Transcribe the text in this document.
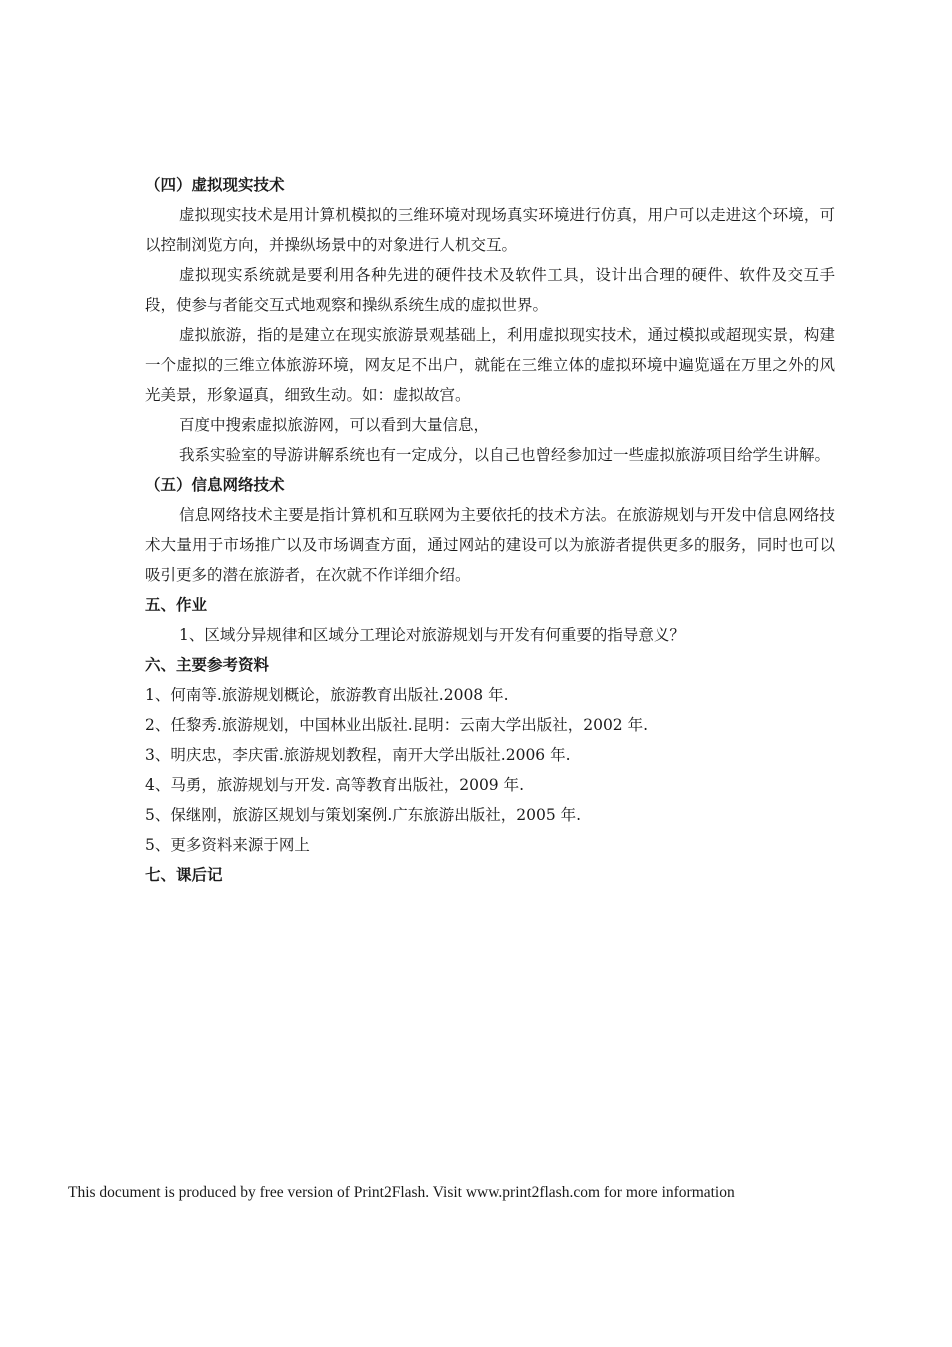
（四）虚拟现实技术

虚拟现实技术是用计算机模拟的三维环境对现场真实环境进行仿真，用户可以走进这个环境，可以控制浏览方向，并操纵场景中的对象进行人机交互。

虚拟现实系统就是要利用各种先进的硬件技术及软件工具，设计出合理的硬件、软件及交互手段，使参与者能交互式地观察和操纵系统生成的虚拟世界。

虚拟旅游，指的是建立在现实旅游景观基础上，利用虚拟现实技术，通过模拟或超现实景，构建一个虚拟的三维立体旅游环境，网友足不出户，就能在三维立体的虚拟环境中遍览遥在万里之外的风光美景，形象逼真，细致生动。如：虚拟故宫。

百度中搜索虚拟旅游网，可以看到大量信息，

我系实验室的导游讲解系统也有一定成分，以自己也曾经参加过一些虚拟旅游项目给学生讲解。

（五）信息网络技术

信息网络技术主要是指计算机和互联网为主要依托的技术方法。在旅游规划与开发中信息网络技术大量用于市场推广以及市场调查方面，通过网站的建设可以为旅游者提供更多的服务，同时也可以吸引更多的潜在旅游者，在次就不作详细介绍。

五、作业
1、区域分异规律和区域分工理论对旅游规划与开发有何重要的指导意义？
六、主要参考资料
1、何南等.旅游规划概论，旅游教育出版社.2008 年.
2、任黎秀.旅游规划，中国林业出版社.昆明：云南大学出版社，2002 年.
3、明庆忠，李庆雷.旅游规划教程，南开大学出版社.2006 年.
4、马勇，旅游规划与开发. 高等教育出版社，2009 年.
5、保继刚，旅游区规划与策划案例.广东旅游出版社，2005 年.
5、更多资料来源于网上
七、课后记
This document is produced by free version of Print2Flash. Visit www.print2flash.com for more information
